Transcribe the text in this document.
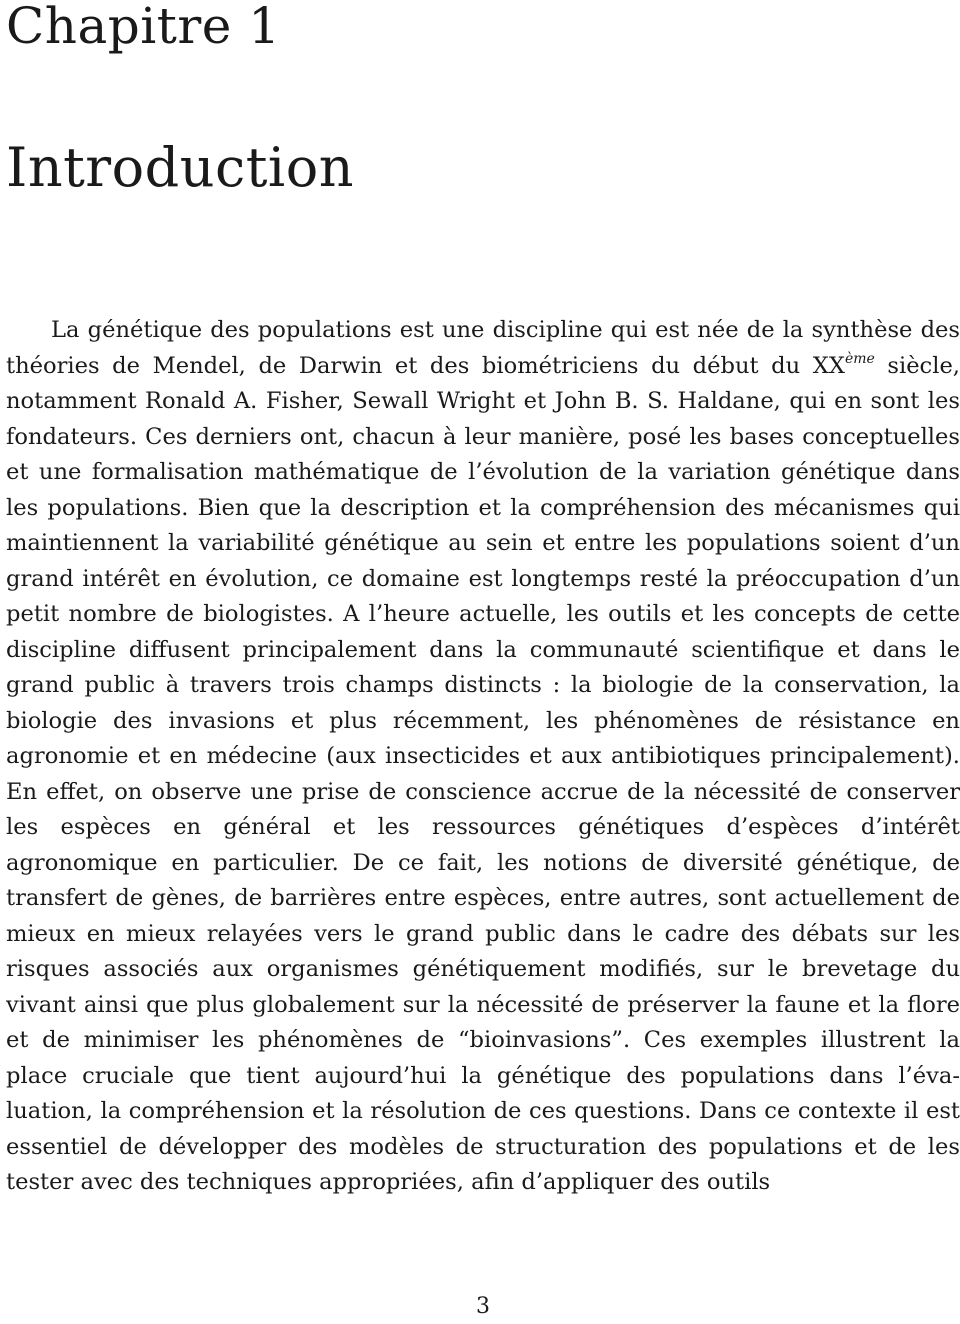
Chapitre 1
Introduction

La génétique des populations est une discipline qui est née de la synthèse des théories de Mendel, de Darwin et des biométriciens du début du XXème siècle, notamment Ronald A. Fisher, Sewall Wright et John B. S. Haldane, qui en sont les fondateurs. Ces derniers ont, chacun à leur manière, posé les bases conceptuelles et une formalisation mathématique de l’évolution de la variation génétique dans les populations. Bien que la description et la compréhension des mécanismes qui maintiennent la variabilité génétique au sein et entre les populations soient d’un grand intérêt en évolution, ce domaine est longtemps resté la préoccupation d’un petit nombre de biologistes. A l’heure actuelle, les outils et les concepts de cette discipline diffusent principalement dans la communauté scientifique et dans le grand public à travers trois champs distincts : la biologie de la conservation, la biologie des invasions et plus récemment, les phénomènes de résistance en agronomie et en médecine (aux insecticides et aux antibiotiques principalement). En effet, on observe une prise de conscience accrue de la nécessité de conserver les espèces en général et les ressources génétiques d’espèces d’intérêt agronomique en particulier. De ce fait, les notions de diversité génétique, de transfert de gènes, de barrières entre espèces, entre autres, sont actuellement de mieux en mieux relayées vers le grand public dans le cadre des débats sur les risques associés aux organismes génétiquement modifiés, sur le brevetage du vivant ainsi que plus globalement sur la nécessité de préserver la faune et la flore et de minimiser les phénomènes de “bioinvasions”. Ces exemples illustrent la place cruciale que tient aujourd’hui la génétique des populations dans l’évaluation, la compréhension et la résolution de ces questions. Dans ce contexte il est essentiel de développer des modèles de structuration des populations et de les tester avec des techniques appropriées, afin d’appliquer des outils

3
